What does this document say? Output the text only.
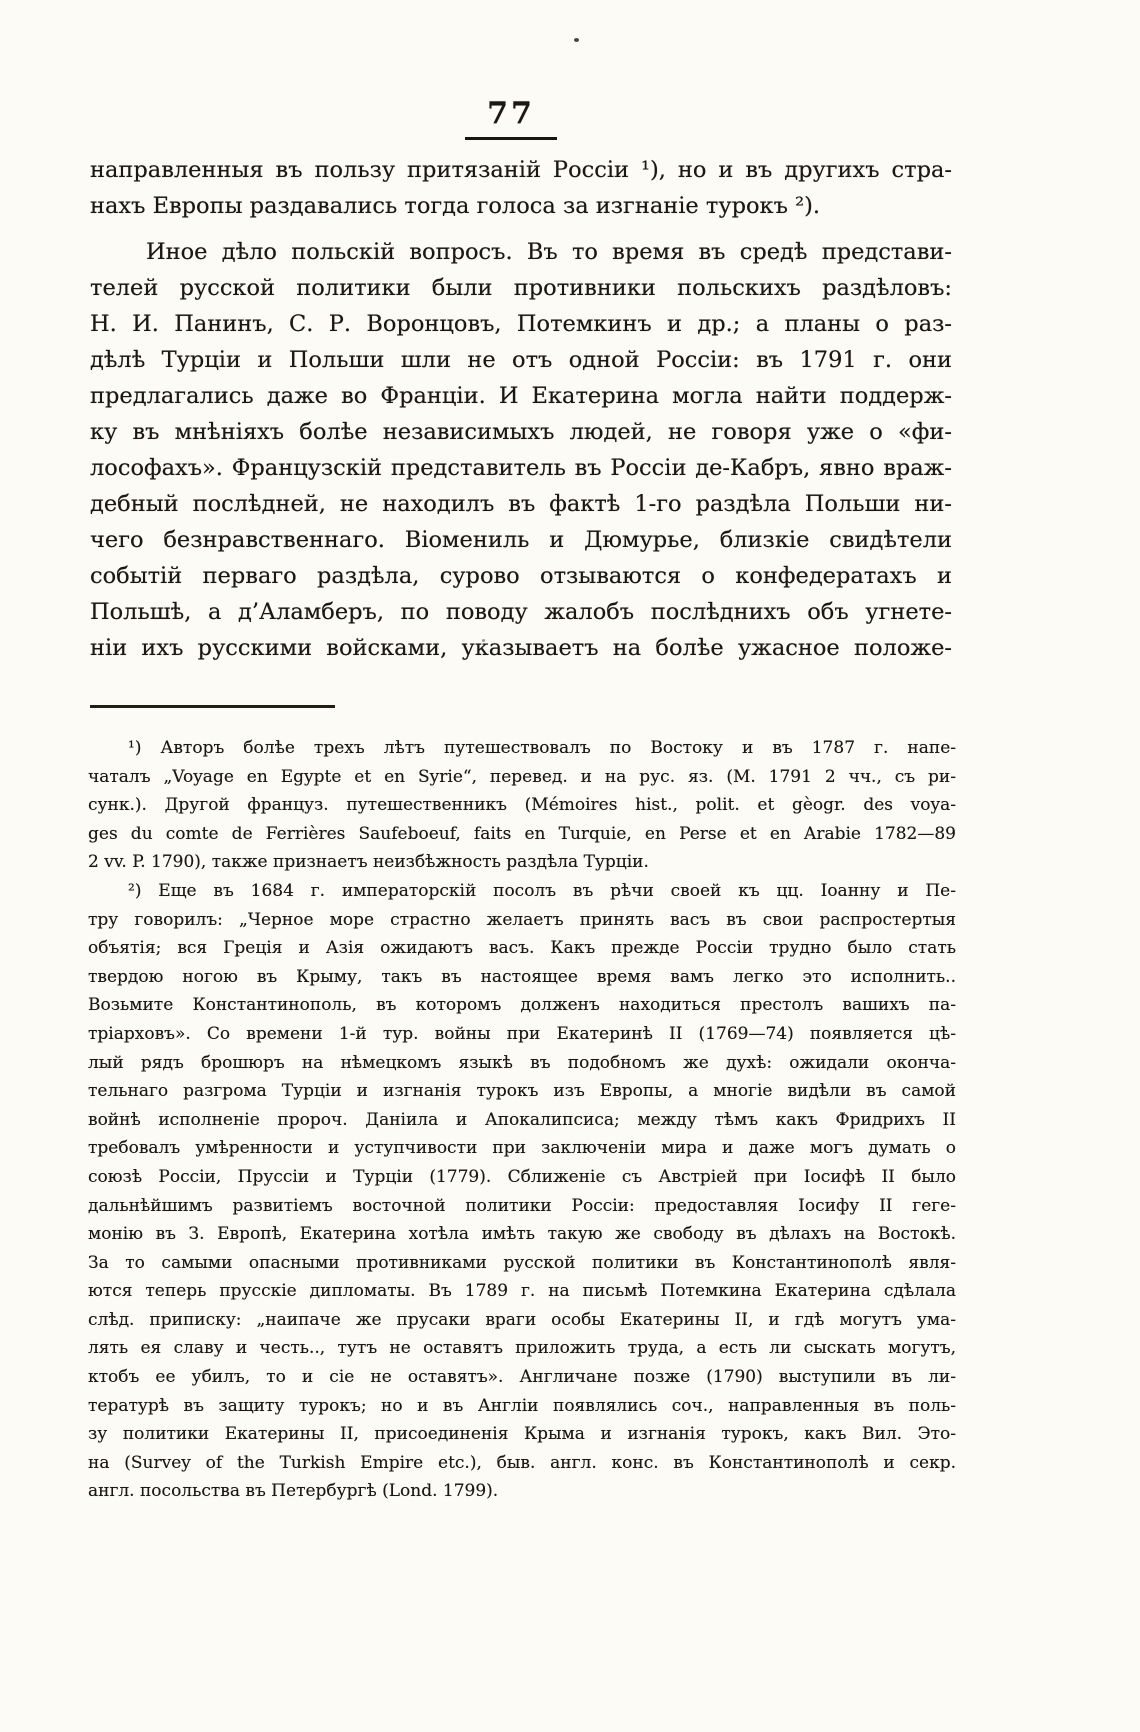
77
направленныя въ пользу притязаній Россіи ¹), но и въ другихъ стра-
нахъ Европы раздавались тогда голоса за изгнаніе турокъ ²).
Иное дѣло польскій вопросъ. Въ то время въ средѣ представи-
телей русской политики были противники польскихъ раздѣловъ:
Н. И. Панинъ, С. Р. Воронцовъ, Потемкинъ и др.; а планы о раз-
дѣлѣ Турціи и Польши шли не отъ одной Россіи: въ 1791 г. они
предлагались даже во Франціи. И Екатерина могла найти поддерж-
ку въ мнѣніяхъ болѣе независимыхъ людей, не говоря уже о «фи-
лософахъ». Французскій представитель въ Россіи де-Кабръ, явно враж-
дебный послѣдней, не находилъ въ фактѣ 1-го раздѣла Польши ни-
чего безнравственнаго. Віомениль и Дюмурье, близкіе свидѣтели
событій перваго раздѣла, сурово отзываются о конфедератахъ и
Польшѣ, а д’Аламберъ, по поводу жалобъ послѣднихъ объ угнете-
ніи ихъ русскими войсками, указываетъ на болѣе ужасное положе-
¹) Авторъ болѣе трехъ лѣтъ путешествовалъ по Востоку и въ 1787 г. напе-
чаталъ „Voyage en Egypte et en Syrie“, перевед. и на рус. яз. (М. 1791 2 чч., съ ри-
сунк.). Другой француз. путешественникъ (Mémoires hist., polit. et gèogr. des voya-
ges du comte de Ferrières Saufeboeuf, faits en Turquie, en Perse et en Arabie 1782—89
2 vv. P. 1790), также признаетъ неизбѣжность раздѣла Турціи.
²) Еще въ 1684 г. императорскій посолъ въ рѣчи своей къ цц. Іоанну и Пе-
тру говорилъ: „Черное море страстно желаетъ принять васъ въ свои распростертыя
объятія; вся Греція и Азія ожидаютъ васъ. Какъ прежде Россіи трудно было стать
твердою ногою въ Крыму, такъ въ настоящее время вамъ легко это исполнить..
Возьмите Константинополь, въ которомъ долженъ находиться престолъ вашихъ па-
тріарховъ». Со времени 1-й тур. войны при Екатеринѣ II (1769—74) появляется цѣ-
лый рядъ брошюръ на нѣмецкомъ языкѣ въ подобномъ же духѣ: ожидали оконча-
тельнаго разгрома Турціи и изгнанія турокъ изъ Европы, а многіе видѣли въ самой
войнѣ исполненіе пророч. Даніила и Апокалипсиса; между тѣмъ какъ Фридрихъ II
требовалъ умѣренности и уступчивости при заключеніи мира и даже могъ думать о
союзѣ Россіи, Пруссіи и Турціи (1779). Сближеніе съ Австріей при Іосифѣ II было
дальнѣйшимъ развитіемъ восточной политики Россіи: предоставляя Іосифу II геге-
монію въ З. Европѣ, Екатерина хотѣла имѣть такую же свободу въ дѣлахъ на Востокѣ.
За то самыми опасными противниками русской политики въ Константинополѣ явля-
ются теперь прусскіе дипломаты. Въ 1789 г. на письмѣ Потемкина Екатерина сдѣлала
слѣд. приписку: „наипаче же прусаки враги особы Екатерины II, и гдѣ могутъ ума-
лять ея славу и честь.., тутъ не оставятъ приложить труда, а есть ли сыскать могутъ,
ктобъ ее убилъ, то и сіе не оставятъ». Англичане позже (1790) выступили въ ли-
тературѣ въ защиту турокъ; но и въ Англіи появлялись соч., направленныя въ поль-
зу политики Екатерины II, присоединенія Крыма и изгнанія турокъ, какъ Вил. Это-
на (Survey of the Turkish Empire etc.), быв. англ. конс. въ Константинополѣ и секр.
англ. посольства въ Петербургѣ (Lond. 1799).
